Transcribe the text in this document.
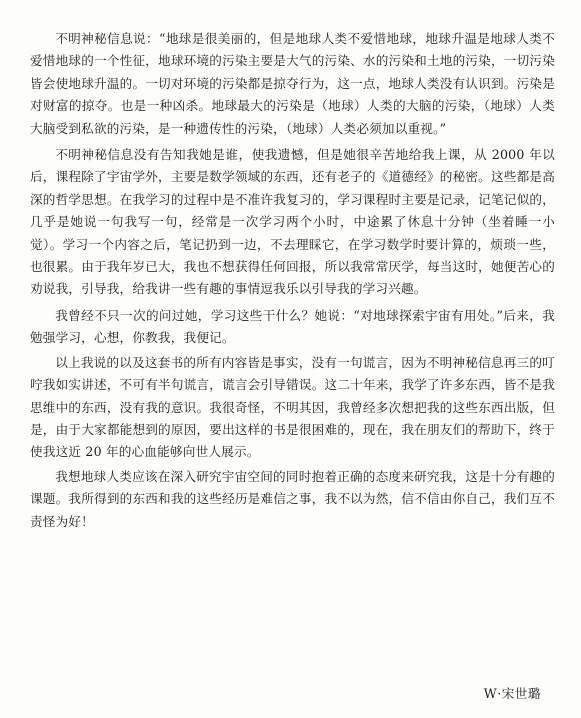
不明神秘信息说：“地球是很美丽的，但是地球人类不爱惜地球，地球升温是地球人类不爱惜地球的一个性征，地球环境的污染主要是大气的污染、水的污染和土地的污染，一切污染皆会使地球升温的。一切对环境的污染都是掠夺行为，这一点，地球人类没有认识到。污染是对财富的掠夺。也是一种凶杀。地球最大的污染是（地球）人类的大脑的污染，（地球）人类大脑受到私欲的污染，是一种遗传性的污染，（地球）人类必须加以重视。”

不明神秘信息没有告知我她是谁，使我遗憾，但是她很辛苦地给我上课，从 2000 年以后，课程除了宇宙学外，主要是数学领域的东西，还有老子的《道德经》的秘密。这些都是高深的哲学思想。在我学习的过程中是不准许我复习的，学习课程时主要是记录，记笔记似的，几乎是她说一句我写一句，经常是一次学习两个小时，中途累了休息十分钟（坐着睡一小觉）。学习一个内容之后，笔记扔到一边，不去理睬它，在学习数学时要计算的，烦琐一些，也很累。由于我年岁已大，我也不想获得任何回报，所以我常常厌学，每当这时，她便苦心的劝说我，引导我，给我讲一些有趣的事情逗我乐以引导我的学习兴趣。

我曾经不只一次的问过她，学习这些干什么？她说：“对地球探索宇宙有用处。”后来，我勉强学习，心想，你教我，我便记。

以上我说的以及这套书的所有内容皆是事实，没有一句谎言，因为不明神秘信息再三的叮咛我如实讲述，不可有半句谎言，谎言会引导错误。这二十年来，我学了许多东西，皆不是我思维中的东西，没有我的意识。我很奇怪，不明其因，我曾经多次想把我的这些东西出版，但是，由于大家都能想到的原因，要出这样的书是很困难的，现在，我在朋友们的帮助下，终于使我这近 20 年的心血能够向世人展示。

我想地球人类应该在深入研究宇宙空间的同时抱着正确的态度来研究我，这是十分有趣的课题。我所得到的东西和我的这些经历是难信之事，我不以为然，信不信由你自己，我们互不责怪为好！

W·宋世璐
